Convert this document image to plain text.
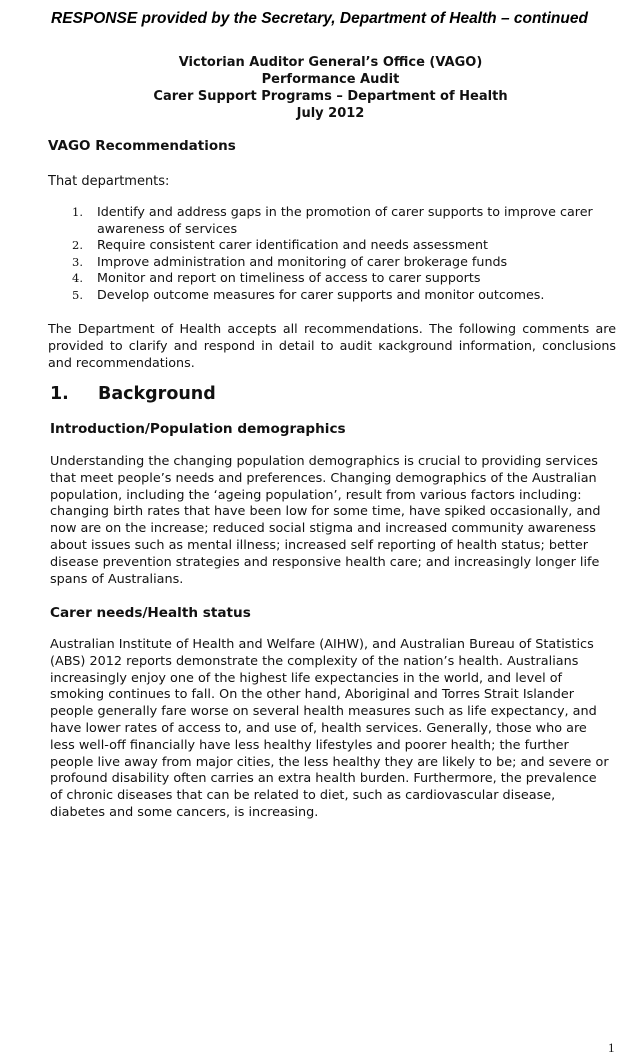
RESPONSE provided by the Secretary, Department of Health – continued
Victorian Auditor General’s Office (VAGO)
Performance Audit
Carer Support Programs – Department of Health
July 2012
VAGO Recommendations
That departments:
1. Identify and address gaps in the promotion of carer supports to improve carer awareness of services
2. Require consistent carer identification and needs assessment
3. Improve administration and monitoring of carer brokerage funds
4. Monitor and report on timeliness of access to carer supports
5. Develop outcome measures for carer supports and monitor outcomes.

The Department of Health accepts all recommendations. The following comments are provided to clarify and respond in detail to audit ĸackground information, conclusions and recommendations.

1. Background
Introduction/Population demographics

Understanding the changing population demographics is crucial to providing services that meet people’s needs and preferences. Changing demographics of the Australian population, including the ‘ageing population’, result from various factors including: changing birth rates that have been low for some time, have spiked occasionally, and now are on the increase; reduced social stigma and increased community awareness about issues such as mental illness; increased self reporting of health status; better disease prevention strategies and responsive health care; and increasingly longer life spans of Australians.

Carer needs/Health status

Australian Institute of Health and Welfare (AIHW), and Australian Bureau of Statistics (ABS) 2012 reports demonstrate the complexity of the nation’s health. Australians increasingly enjoy one of the highest life expectancies in the world, and level of smoking continues to fall. On the other hand, Aboriginal and Torres Strait Islander people generally fare worse on several health measures such as life expectancy, and have lower rates of access to, and use of, health services. Generally, those who are less well-off financially have less healthy lifestyles and poorer health; the further people live away from major cities, the less healthy they are likely to be; and severe or profound disability often carries an extra health burden. Furthermore, the prevalence of chronic diseases that can be related to diet, such as cardiovascular disease, diabetes and some cancers, is increasing.

1
